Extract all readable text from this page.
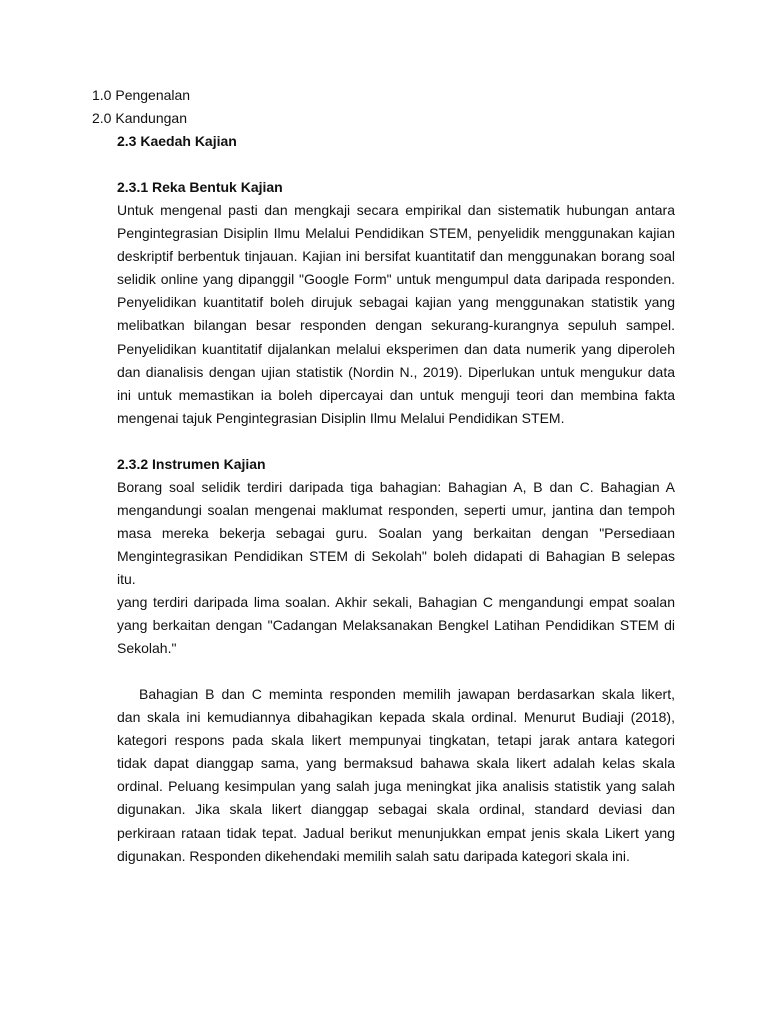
1.0 Pengenalan
2.0 Kandungan
2.3 Kaedah Kajian
2.3.1 Reka Bentuk Kajian
Untuk mengenal pasti dan mengkaji secara empirikal dan sistematik hubungan antara
Pengintegrasian Disiplin Ilmu Melalui Pendidikan STEM, penyelidik menggunakan kajian
deskriptif berbentuk tinjauan. Kajian ini bersifat kuantitatif dan menggunakan borang soal
selidik online yang dipanggil "Google Form" untuk mengumpul data daripada responden.
Penyelidikan kuantitatif boleh dirujuk sebagai kajian yang menggunakan statistik yang
melibatkan bilangan besar responden dengan sekurang-kurangnya sepuluh sampel.
Penyelidikan kuantitatif dijalankan melalui eksperimen dan data numerik yang diperoleh
dan dianalisis dengan ujian statistik (Nordin N., 2019). Diperlukan untuk mengukur data
ini untuk memastikan ia boleh dipercayai dan untuk menguji teori dan membina fakta
mengenai tajuk Pengintegrasian Disiplin Ilmu Melalui Pendidikan STEM.
2.3.2 Instrumen Kajian
Borang soal selidik terdiri daripada tiga bahagian: Bahagian A, B dan C. Bahagian A
mengandungi soalan mengenai maklumat responden, seperti umur, jantina dan tempoh
masa mereka bekerja sebagai guru. Soalan yang berkaitan dengan "Persediaan
Mengintegrasikan Pendidikan STEM di Sekolah" boleh didapati di Bahagian B selepas
itu.
yang terdiri daripada lima soalan. Akhir sekali, Bahagian C mengandungi empat soalan
yang berkaitan dengan "Cadangan Melaksanakan Bengkel Latihan Pendidikan STEM di
Sekolah."
Bahagian B dan C meminta responden memilih jawapan berdasarkan skala likert,
dan skala ini kemudiannya dibahagikan kepada skala ordinal. Menurut Budiaji (2018),
kategori respons pada skala likert mempunyai tingkatan, tetapi jarak antara kategori
tidak dapat dianggap sama, yang bermaksud bahawa skala likert adalah kelas skala
ordinal. Peluang kesimpulan yang salah juga meningkat jika analisis statistik yang salah
digunakan. Jika skala likert dianggap sebagai skala ordinal, standard deviasi dan
perkiraan rataan tidak tepat. Jadual berikut menunjukkan empat jenis skala Likert yang
digunakan. Responden dikehendaki memilih salah satu daripada kategori skala ini.
